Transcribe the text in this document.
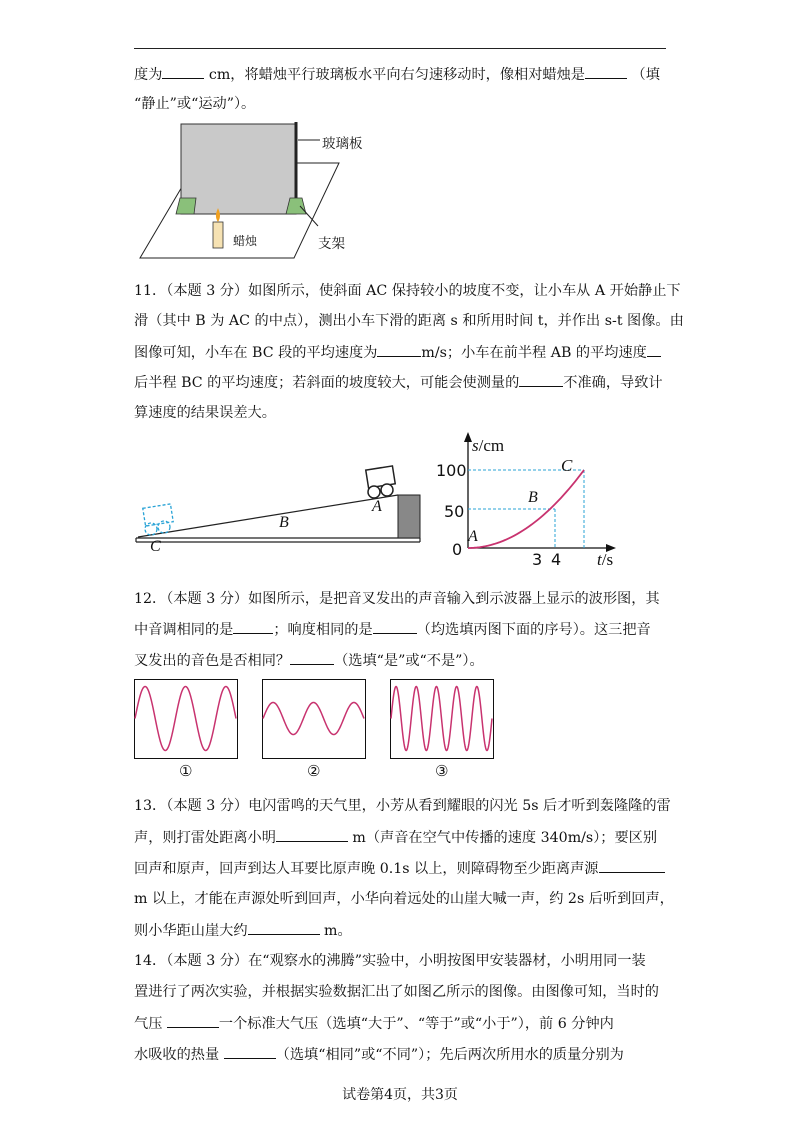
度为	cm，将蜡烛平行玻璃板水平向右匀速移动时，像相对蜡烛是	（填
“静止”或“运动”）。
玻璃板
蜡烛	支架
11．（本题 3 分）如图所示，使斜面 AC 保持较小的坡度不变，让小车从 A 开始静止下
滑（其中 B 为 AC 的中点），测出小车下滑的距离 s 和所用时间 t，并作出 s-t 图像。由
图像可知，小车在 BC 段的平均速度为	m/s；小车在前半程 AB 的平均速度
后半程 BC 的平均速度；若斜面的坡度较大，可能会使测量的	不准确，导致计
算速度的结果误差大。
A
B
C
s/cm
t/s
100
50
0
3 4
A
B
C
12．（本题 3 分）如图所示，是把音叉发出的声音输入到示波器上显示的波形图，其
中音调相同的是	；响度相同的是	（均选填丙图下面的序号）。这三把音
叉发出的音色是否相同？	（选填“是”或“不是”）。
①	②	③
13．（本题 3 分）电闪雷鸣的天气里，小芳从看到耀眼的闪光 5s 后才听到轰隆隆的雷
声，则打雷处距离小明	m（声音在空气中传播的速度 340m/s）；要区别
回声和原声，回声到达人耳要比原声晚 0.1s 以上，则障碍物至少距离声源
m 以上，才能在声源处听到回声，小华向着远处的山崖大喊一声，约 2s 后听到回声，
则小华距山崖大约	m。
14．（本题 3 分）在“观察水的沸腾”实验中，小明按图甲安装器材，小明用同一装
置进行了两次实验，并根据实验数据汇出了如图乙所示的图像。由图像可知，当时的
气压	一个标准大气压（选填“大于”、“等于”或“小于”），前 6 分钟内
水吸收的热量	（选填“相同”或“不同”）；先后两次所用水的质量分别为
试卷第4页，共3页
